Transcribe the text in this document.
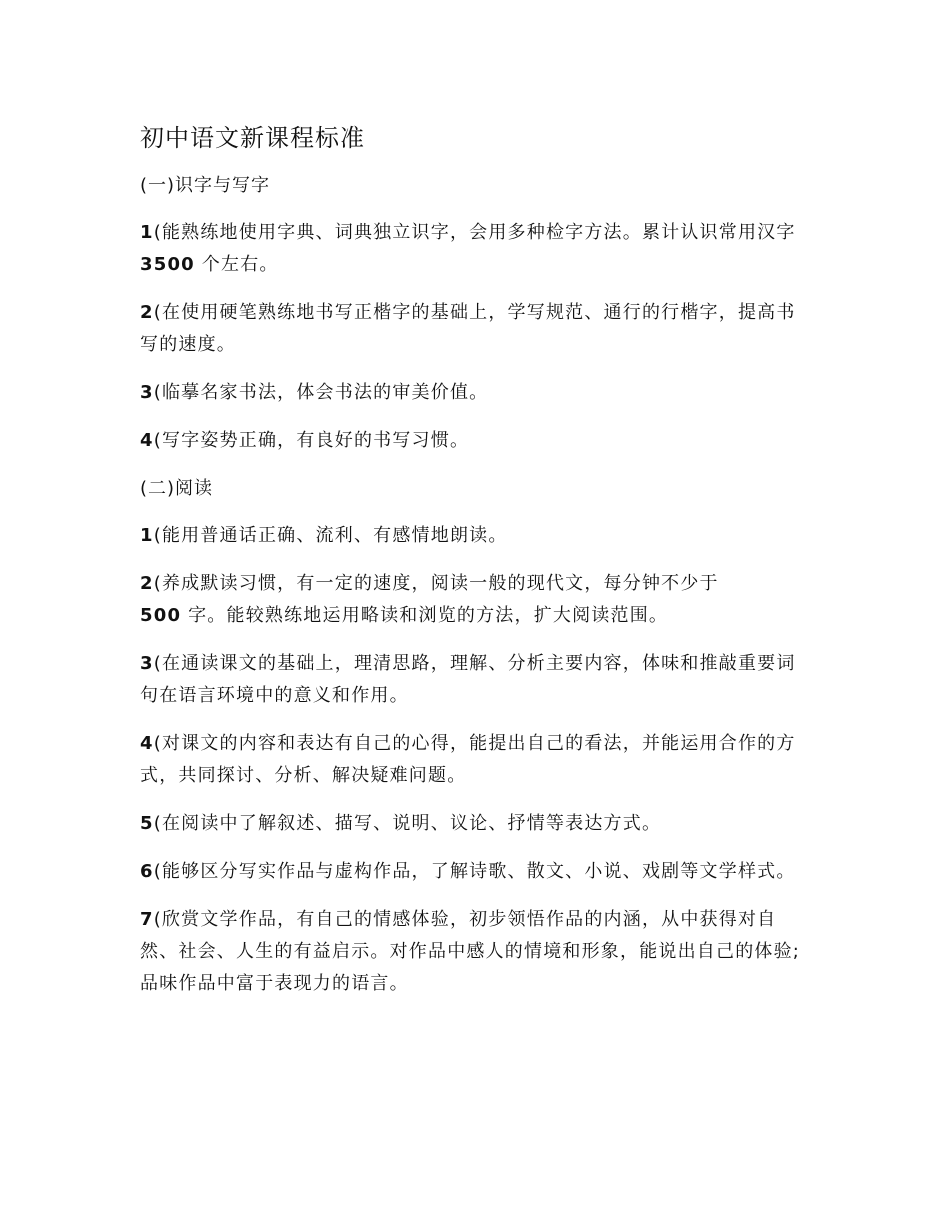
初中语文新课程标准
(一)识字与写字
1(能熟练地使用字典、词典独立识字，会用多种检字方法。累计认识常用汉字 3500 个左右。
2(在使用硬笔熟练地书写正楷字的基础上，学写规范、通行的行楷字，提高书写的速度。
3(临摹名家书法，体会书法的审美价值。
4(写字姿势正确，有良好的书写习惯。
(二)阅读
1(能用普通话正确、流利、有感情地朗读。
2(养成默读习惯，有一定的速度，阅读一般的现代文，每分钟不少于
500 字。能较熟练地运用略读和浏览的方法，扩大阅读范围。
3(在通读课文的基础上，理清思路，理解、分析主要内容，体味和推敲重要词句在语言环境中的意义和作用。
4(对课文的内容和表达有自己的心得，能提出自己的看法，并能运用合作的方式，共同探讨、分析、解决疑难问题。
5(在阅读中了解叙述、描写、说明、议论、抒情等表达方式。
6(能够区分写实作品与虚构作品，了解诗歌、散文、小说、戏剧等文学样式。
7(欣赏文学作品，有自己的情感体验，初步领悟作品的内涵，从中获得对自然、社会、人生的有益启示。对作品中感人的情境和形象，能说出自己的体验;品味作品中富于表现力的语言。
